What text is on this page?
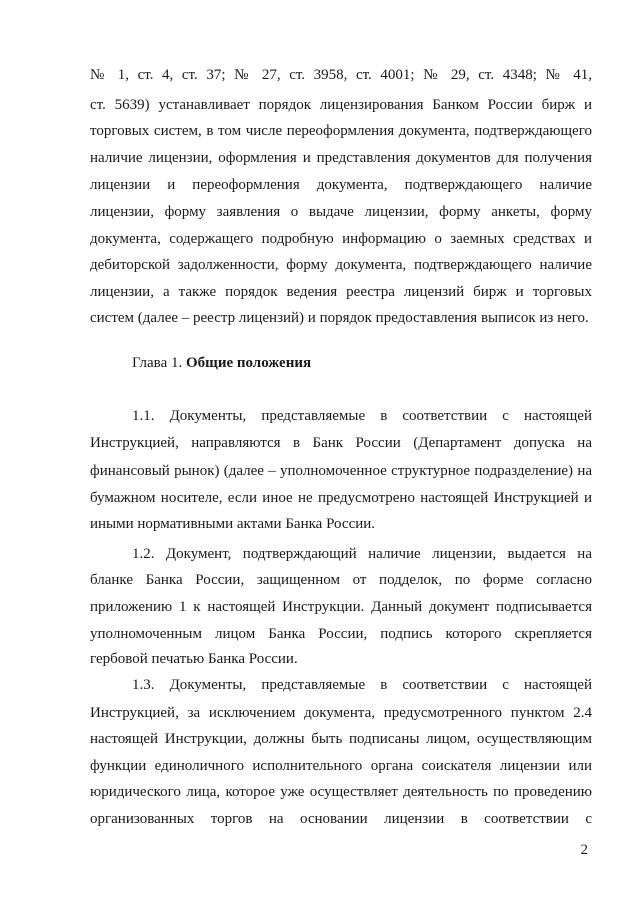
№ 1, ст. 4, ст. 37; № 27, ст. 3958, ст. 4001; № 29, ст. 4348; № 41,
ст. 5639) устанавливает порядок лицензирования Банком России бирж и
торговых систем, в том числе переоформления документа, подтверждающего
наличие лицензии, оформления и представления документов для получения
лицензии и переоформления документа, подтверждающего наличие
лицензии, форму заявления о выдаче лицензии, форму анкеты, форму
документа, содержащего подробную информацию о заемных средствах и
дебиторской задолженности, форму документа, подтверждающего наличие
лицензии, а также порядок ведения реестра лицензий бирж и торговых
систем (далее – реестр лицензий) и порядок предоставления выписок из него.
Глава 1. Общие положения
1.1. Документы, представляемые в соответствии с настоящей
Инструкцией, направляются в Банк России (Департамент допуска на
финансовый рынок) (далее – уполномоченное структурное подразделение) на
бумажном носителе, если иное не предусмотрено настоящей Инструкцией и
иными нормативными актами Банка России.
1.2. Документ, подтверждающий наличие лицензии, выдается на
бланке Банка России, защищенном от подделок, по форме согласно
приложению 1 к настоящей Инструкции. Данный документ подписывается
уполномоченным лицом Банка России, подпись которого скрепляется
гербовой печатью Банка России.
1.3. Документы, представляемые в соответствии с настоящей
Инструкцией, за исключением документа, предусмотренного пунктом 2.4
настоящей Инструкции, должны быть подписаны лицом, осуществляющим
функции единоличного исполнительного органа соискателя лицензии или
юридического лица, которое уже осуществляет деятельность по проведению
организованных торгов на основании лицензии в соответствии с
2
